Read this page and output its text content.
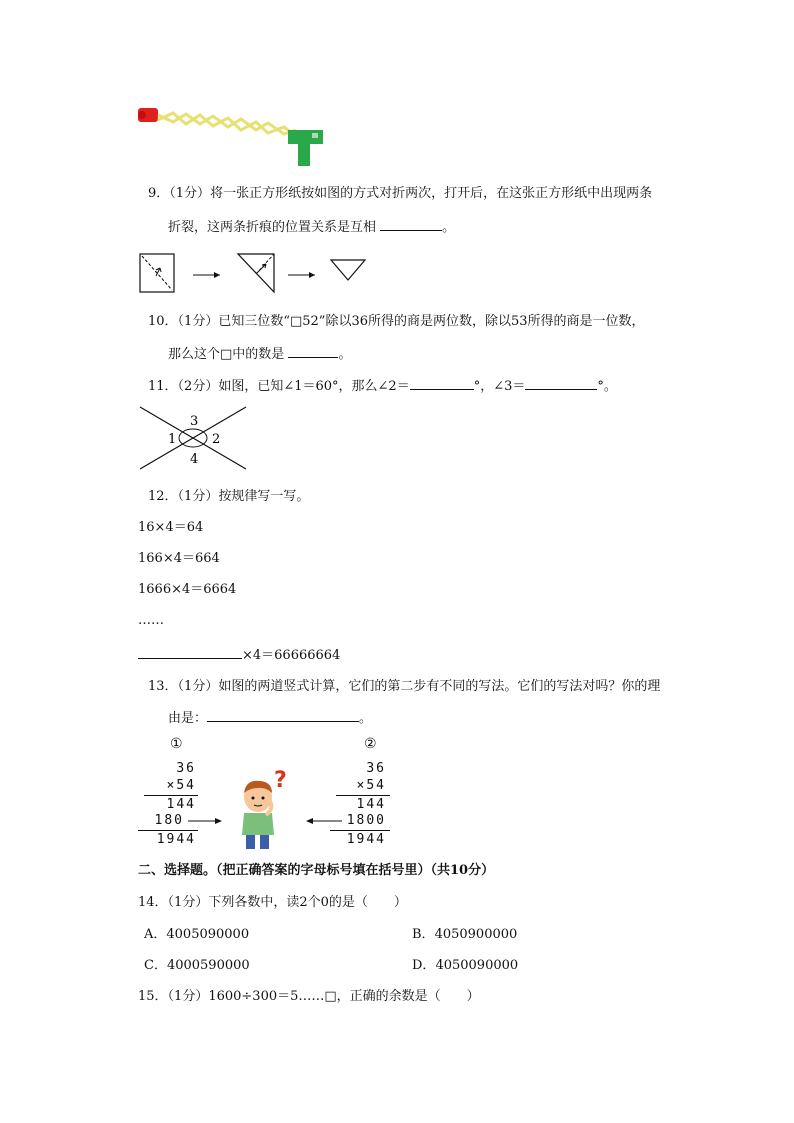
9．（1分）将一张正方形纸按如图的方式对折两次，打开后，在这张正方形纸中出现两条
折裂，这两条折痕的位置关系是互相	。
10．（1分）已知三位数“□52”除以36所得的商是两位数，除以53所得的商是一位数，
那么这个□中的数是	。
11．（2分）如图，已知∠1＝60°，那么∠2＝	°，∠3＝	°。
3
1	2
4
12．（1分）按规律写一写。
16×4＝64
166×4＝664
1666×4＝6664
……
×4＝66666664
13．（1分）如图的两道竖式计算，它们的第二步有不同的写法。它们的写法对吗？你的理
由是：	。
①
36
×54
144
180
1944
?
②
36
×54
144
1800
1944
二、选择题。（把正确答案的字母标号填在括号里）（共10分）
14．（1分）下列各数中，读2个0的是（　　）
A．4005090000	B．4050900000
C．4000590000	D．4050090000
15．（1分）1600÷300＝5……□，正确的余数是（　　）
